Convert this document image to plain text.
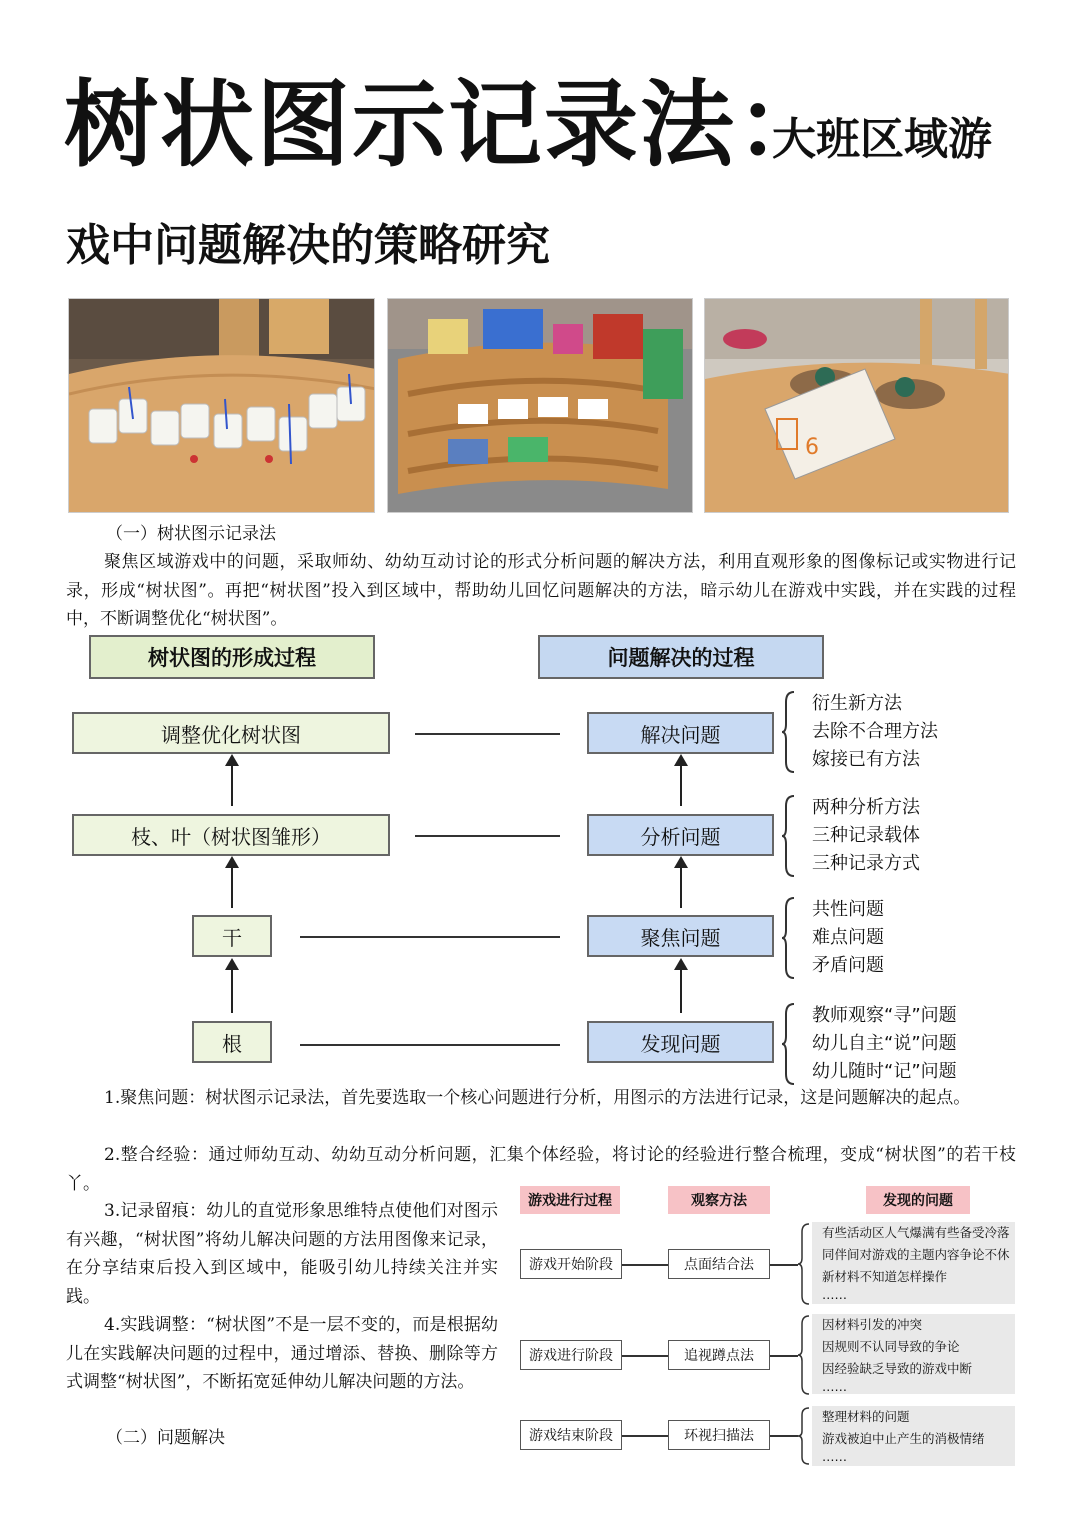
树状图示记录法：
大班区域游
戏中问题解决的策略研究
6
（一）树状图示记录法
聚焦区域游戏中的问题，采取师幼、幼幼互动讨论的形式分析问题的解决方法，利用直观形象的图像标记或实物进行记录，形成“树状图”。再把“树状图”投入到区域中，帮助幼儿回忆问题解决的方法，暗示幼儿在游戏中实践，并在实践的过程中，不断调整优化“树状图”。
树状图的形成过程	问题解决的过程
调整优化树状图
枝、叶（树状图雏形）
干
根
解决问题
分析问题
聚焦问题
发现问题
衍生新方法
去除不合理方法
嫁接已有方法
两种分析方法
三种记录载体
三种记录方式
共性问题
难点问题
矛盾问题
教师观察“寻”问题
幼儿自主“说”问题
幼儿随时“记”问题
1.聚焦问题：树状图示记录法，首先要选取一个核心问题进行分析，用图示的方法进行记录，这是问题解决的起点。
2.整合经验：通过师幼互动、幼幼互动分析问题，汇集个体经验，将讨论的经验进行整合梳理，变成“树状图”的若干枝丫。
3.记录留痕：幼儿的直觉形象思维特点使他们对图示有兴趣，“树状图”将幼儿解决问题的方法用图像来记录，在分享结束后投入到区域中，能吸引幼儿持续关注并实践。
4.实践调整：“树状图”不是一层不变的，而是根据幼儿在实践解决问题的过程中，通过增添、替换、删除等方式调整“树状图”，不断拓宽延伸幼儿解决问题的方法。
（二）问题解决
游戏进行过程	观察方法	发现的问题
游戏开始阶段	点面结合法
有些活动区人气爆满有些备受冷落
同伴间对游戏的主题内容争论不休
新材料不知道怎样操作
……
游戏进行阶段	追视蹲点法
因材料引发的冲突
因规则不认同导致的争论
因经验缺乏导致的游戏中断
……
游戏结束阶段	环视扫描法
整理材料的问题
游戏被迫中止产生的消极情绪
……
